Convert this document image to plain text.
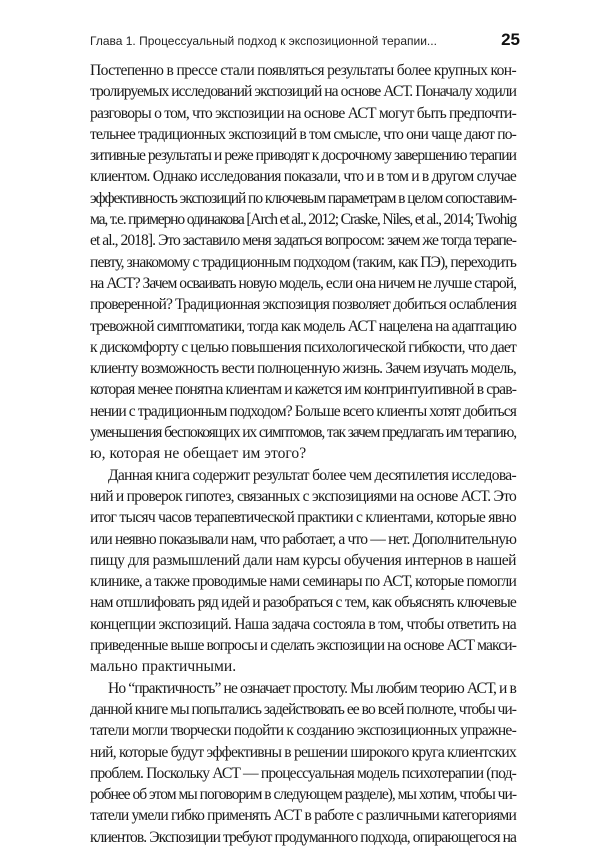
Глава 1. Процессуальный подход к экспозиционной терапии...	25
Постепенно в прессе стали появляться результаты более крупных кон-
тролируемых исследований экспозиций на основе АСТ. Поначалу ходили
разговоры о том, что экспозиции на основе АСТ могут быть предпочти-
тельнее традиционных экспозиций в том смысле, что они чаще дают по-
зитивные результаты и реже приводят к досрочному завершению терапии
клиентом. Однако исследования показали, что и в том и в другом случае
эффективность экспозиций по ключевым параметрам в целом сопоставим-
ма, т.е. примерно одинакова [Arch et al., 2012; Craske, Niles, et al., 2014; Twohig
et al., 2018]. Это заставило меня задаться вопросом: зачем же тогда терапе-
певту, знакомому с традиционным подходом (таким, как ПЭ), переходить
на АСТ? Зачем осваивать новую модель, если она ничем не лучше старой,
проверенной? Традиционная экспозиция позволяет добиться ослабления
тревожной симптоматики, тогда как модель АСТ нацелена на адаптацию
к дискомфорту с целью повышения психологической гибкости, что дает
клиенту возможность вести полноценную жизнь. Зачем изучать модель,
которая менее понятна клиентам и кажется им контринтуитивной в срав-
нении с традиционным подходом? Больше всего клиенты хотят добиться
уменьшения беспокоящих их симптомов, так зачем предлагать им терапию,
ю, которая не обещает им этого?
Данная книга содержит результат более чем десятилетия исследова-
ний и проверок гипотез, связанных с экспозициями на основе АСТ. Это
итог тысяч часов терапевтической практики с клиентами, которые явно
или неявно показывали нам, что работает, а что — нет. Дополнительную
пищу для размышлений дали нам курсы обучения интернов в нашей
клинике, а также проводимые нами семинары по АСТ, которые помогли
нам отшлифовать ряд идей и разобраться с тем, как объяснять ключевые
концепции экспозиций. Наша задача состояла в том, чтобы ответить на
приведенные выше вопросы и сделать экспозиции на основе АСТ макси-
мально практичными.
Но “практичность” не означает простоту. Мы любим теорию АСТ, и в
данной книге мы попытались задействовать ее во всей полноте, чтобы чи-
татели могли творчески подойти к созданию экспозиционных упражне-
ний, которые будут эффективны в решении широкого круга клиентских
проблем. Поскольку АСТ — процессуальная модель психотерапии (под-
робнее об этом мы поговорим в следующем разделе), мы хотим, чтобы чи-
татели умели гибко применять АСТ в работе с различными категориями
клиентов. Экспозиции требуют продуманного подхода, опирающегося на
